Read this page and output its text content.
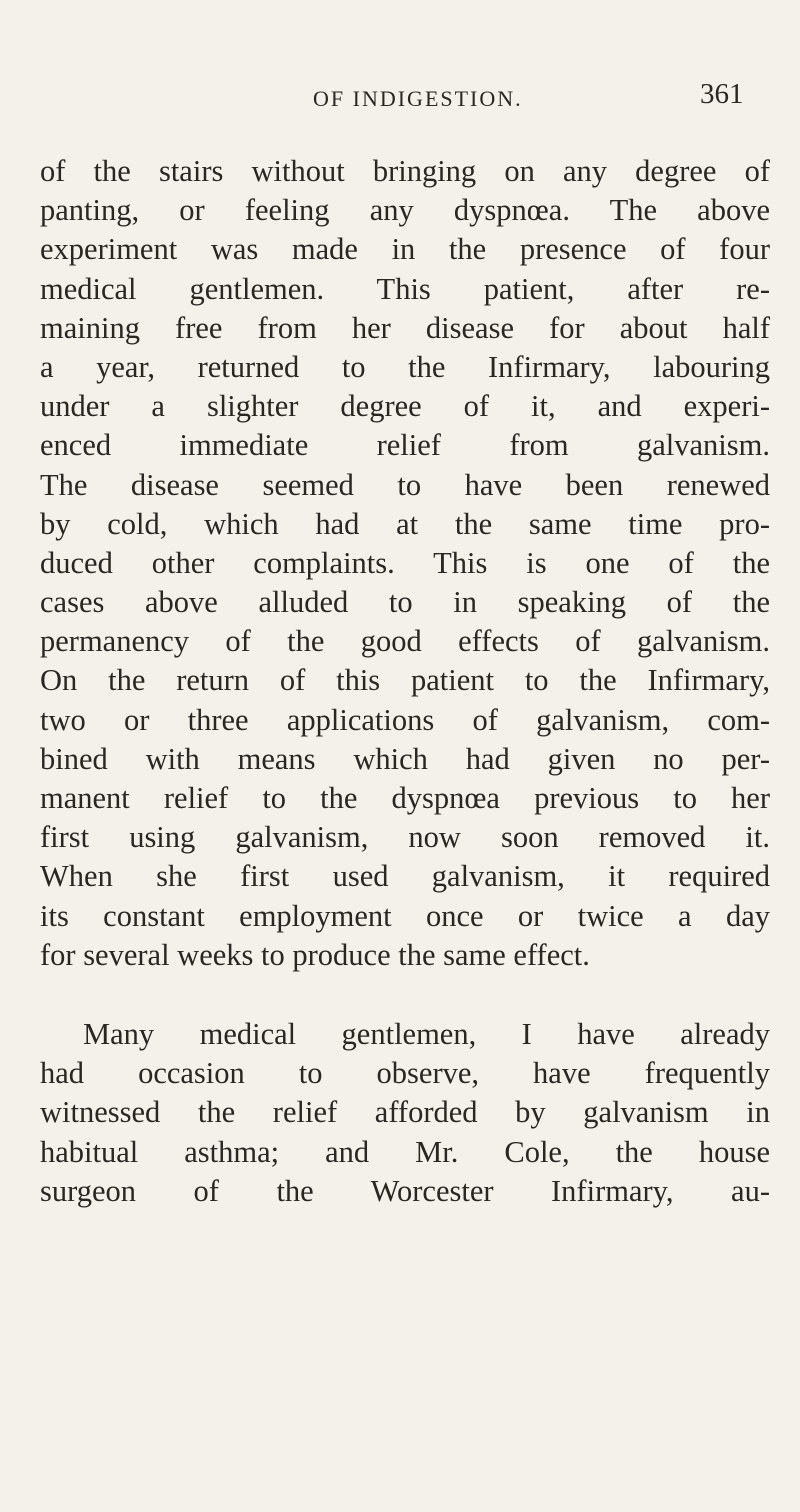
OF INDIGESTION.	361
of the stairs without bringing on any degree of
panting, or feeling any dyspnœa. The above
experiment was made in the presence of four
medical gentlemen. This patient, after re-
maining free from her disease for about half
a year, returned to the Infirmary, labouring
under a slighter degree of it, and experi-
enced immediate relief from galvanism.
The disease seemed to have been renewed
by cold, which had at the same time pro-
duced other complaints. This is one of the
cases above alluded to in speaking of the
permanency of the good effects of galvanism.
On the return of this patient to the Infirmary,
two or three applications of galvanism, com-
bined with means which had given no per-
manent relief to the dyspnœa previous to her
first using galvanism, now soon removed it.
When she first used galvanism, it required
its constant employment once or twice a day
for several weeks to produce the same effect.
Many medical gentlemen, I have already
had occasion to observe, have frequently
witnessed the relief afforded by galvanism in
habitual asthma; and Mr. Cole, the house
surgeon of the Worcester Infirmary, au-
